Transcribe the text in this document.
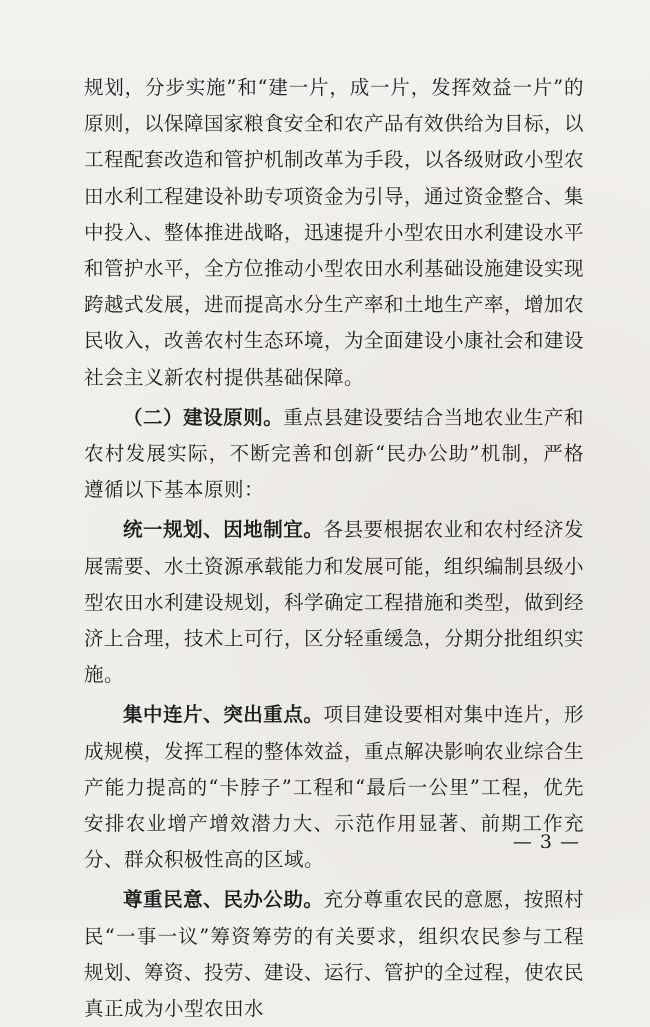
规划，分步实施”和“建一片，成一片，发挥效益一片”的原则，以保障国家粮食安全和农产品有效供给为目标，以工程配套改造和管护机制改革为手段，以各级财政小型农田水利工程建设补助专项资金为引导，通过资金整合、集中投入、整体推进战略，迅速提升小型农田水利建设水平和管护水平，全方位推动小型农田水利基础设施建设实现跨越式发展，进而提高水分生产率和土地生产率，增加农民收入，改善农村生态环境，为全面建设小康社会和建设社会主义新农村提供基础保障。

（二）建设原则。重点县建设要结合当地农业生产和农村发展实际，不断完善和创新“民办公助”机制，严格遵循以下基本原则：

统一规划、因地制宜。各县要根据农业和农村经济发展需要、水土资源承载能力和发展可能，组织编制县级小型农田水利建设规划，科学确定工程措施和类型，做到经济上合理，技术上可行，区分轻重缓急，分期分批组织实施。

集中连片、突出重点。项目建设要相对集中连片，形成规模，发挥工程的整体效益，重点解决影响农业综合生产能力提高的“卡脖子”工程和“最后一公里”工程，优先安排农业增产增效潜力大、示范作用显著、前期工作充分、群众积极性高的区域。

尊重民意、民办公助。充分尊重农民的意愿，按照村民“一事一议”筹资筹劳的有关要求，组织农民参与工程规划、筹资、投劳、建设、运行、管护的全过程，使农民真正成为小型农田水

— 3 —
